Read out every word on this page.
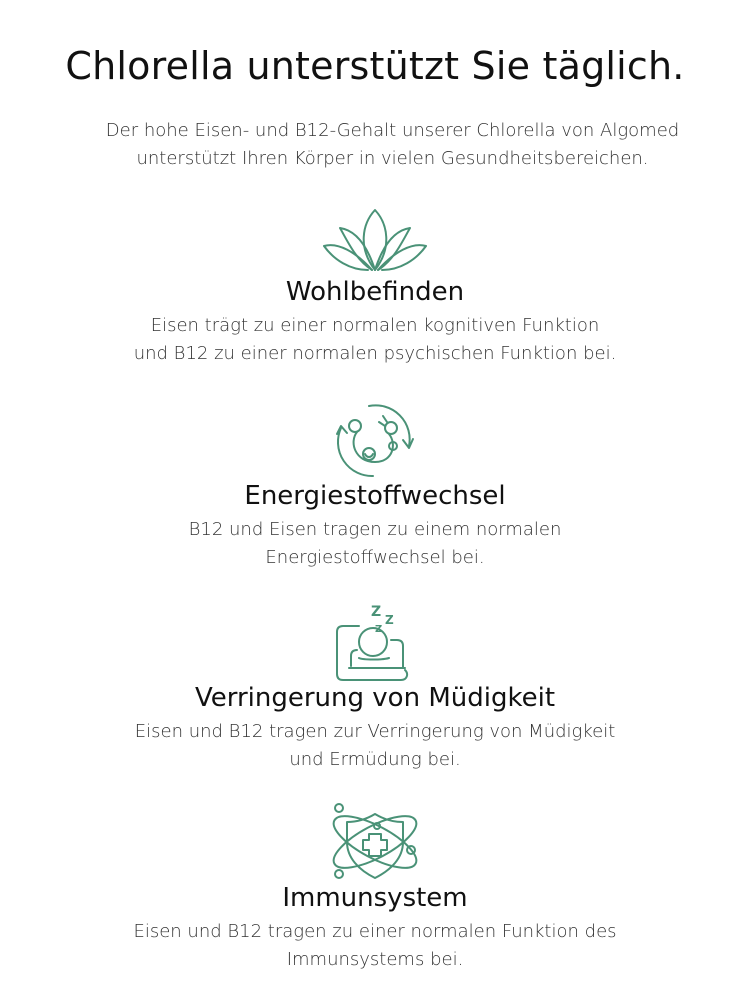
Chlorella unterstützt Sie täglich.

Der hohe Eisen- und B12-Gehalt unserer Chlorella von Algomed
unterstützt Ihren Körper in vielen Gesundheitsbereichen.

Wohlbefinden

Eisen trägt zu einer normalen kognitiven Funktion
und B12 zu einer normalen psychischen Funktion bei.

Energiestoffwechsel

B12 und Eisen tragen zu einem normalen
Energiestoffwechsel bei.

Z Z
Z
Verringerung von Müdigkeit

Eisen und B12 tragen zur Verringerung von Müdigkeit
und Ermüdung bei.

Immunsystem

Eisen und B12 tragen zu einer normalen Funktion des
Immunsystems bei.
